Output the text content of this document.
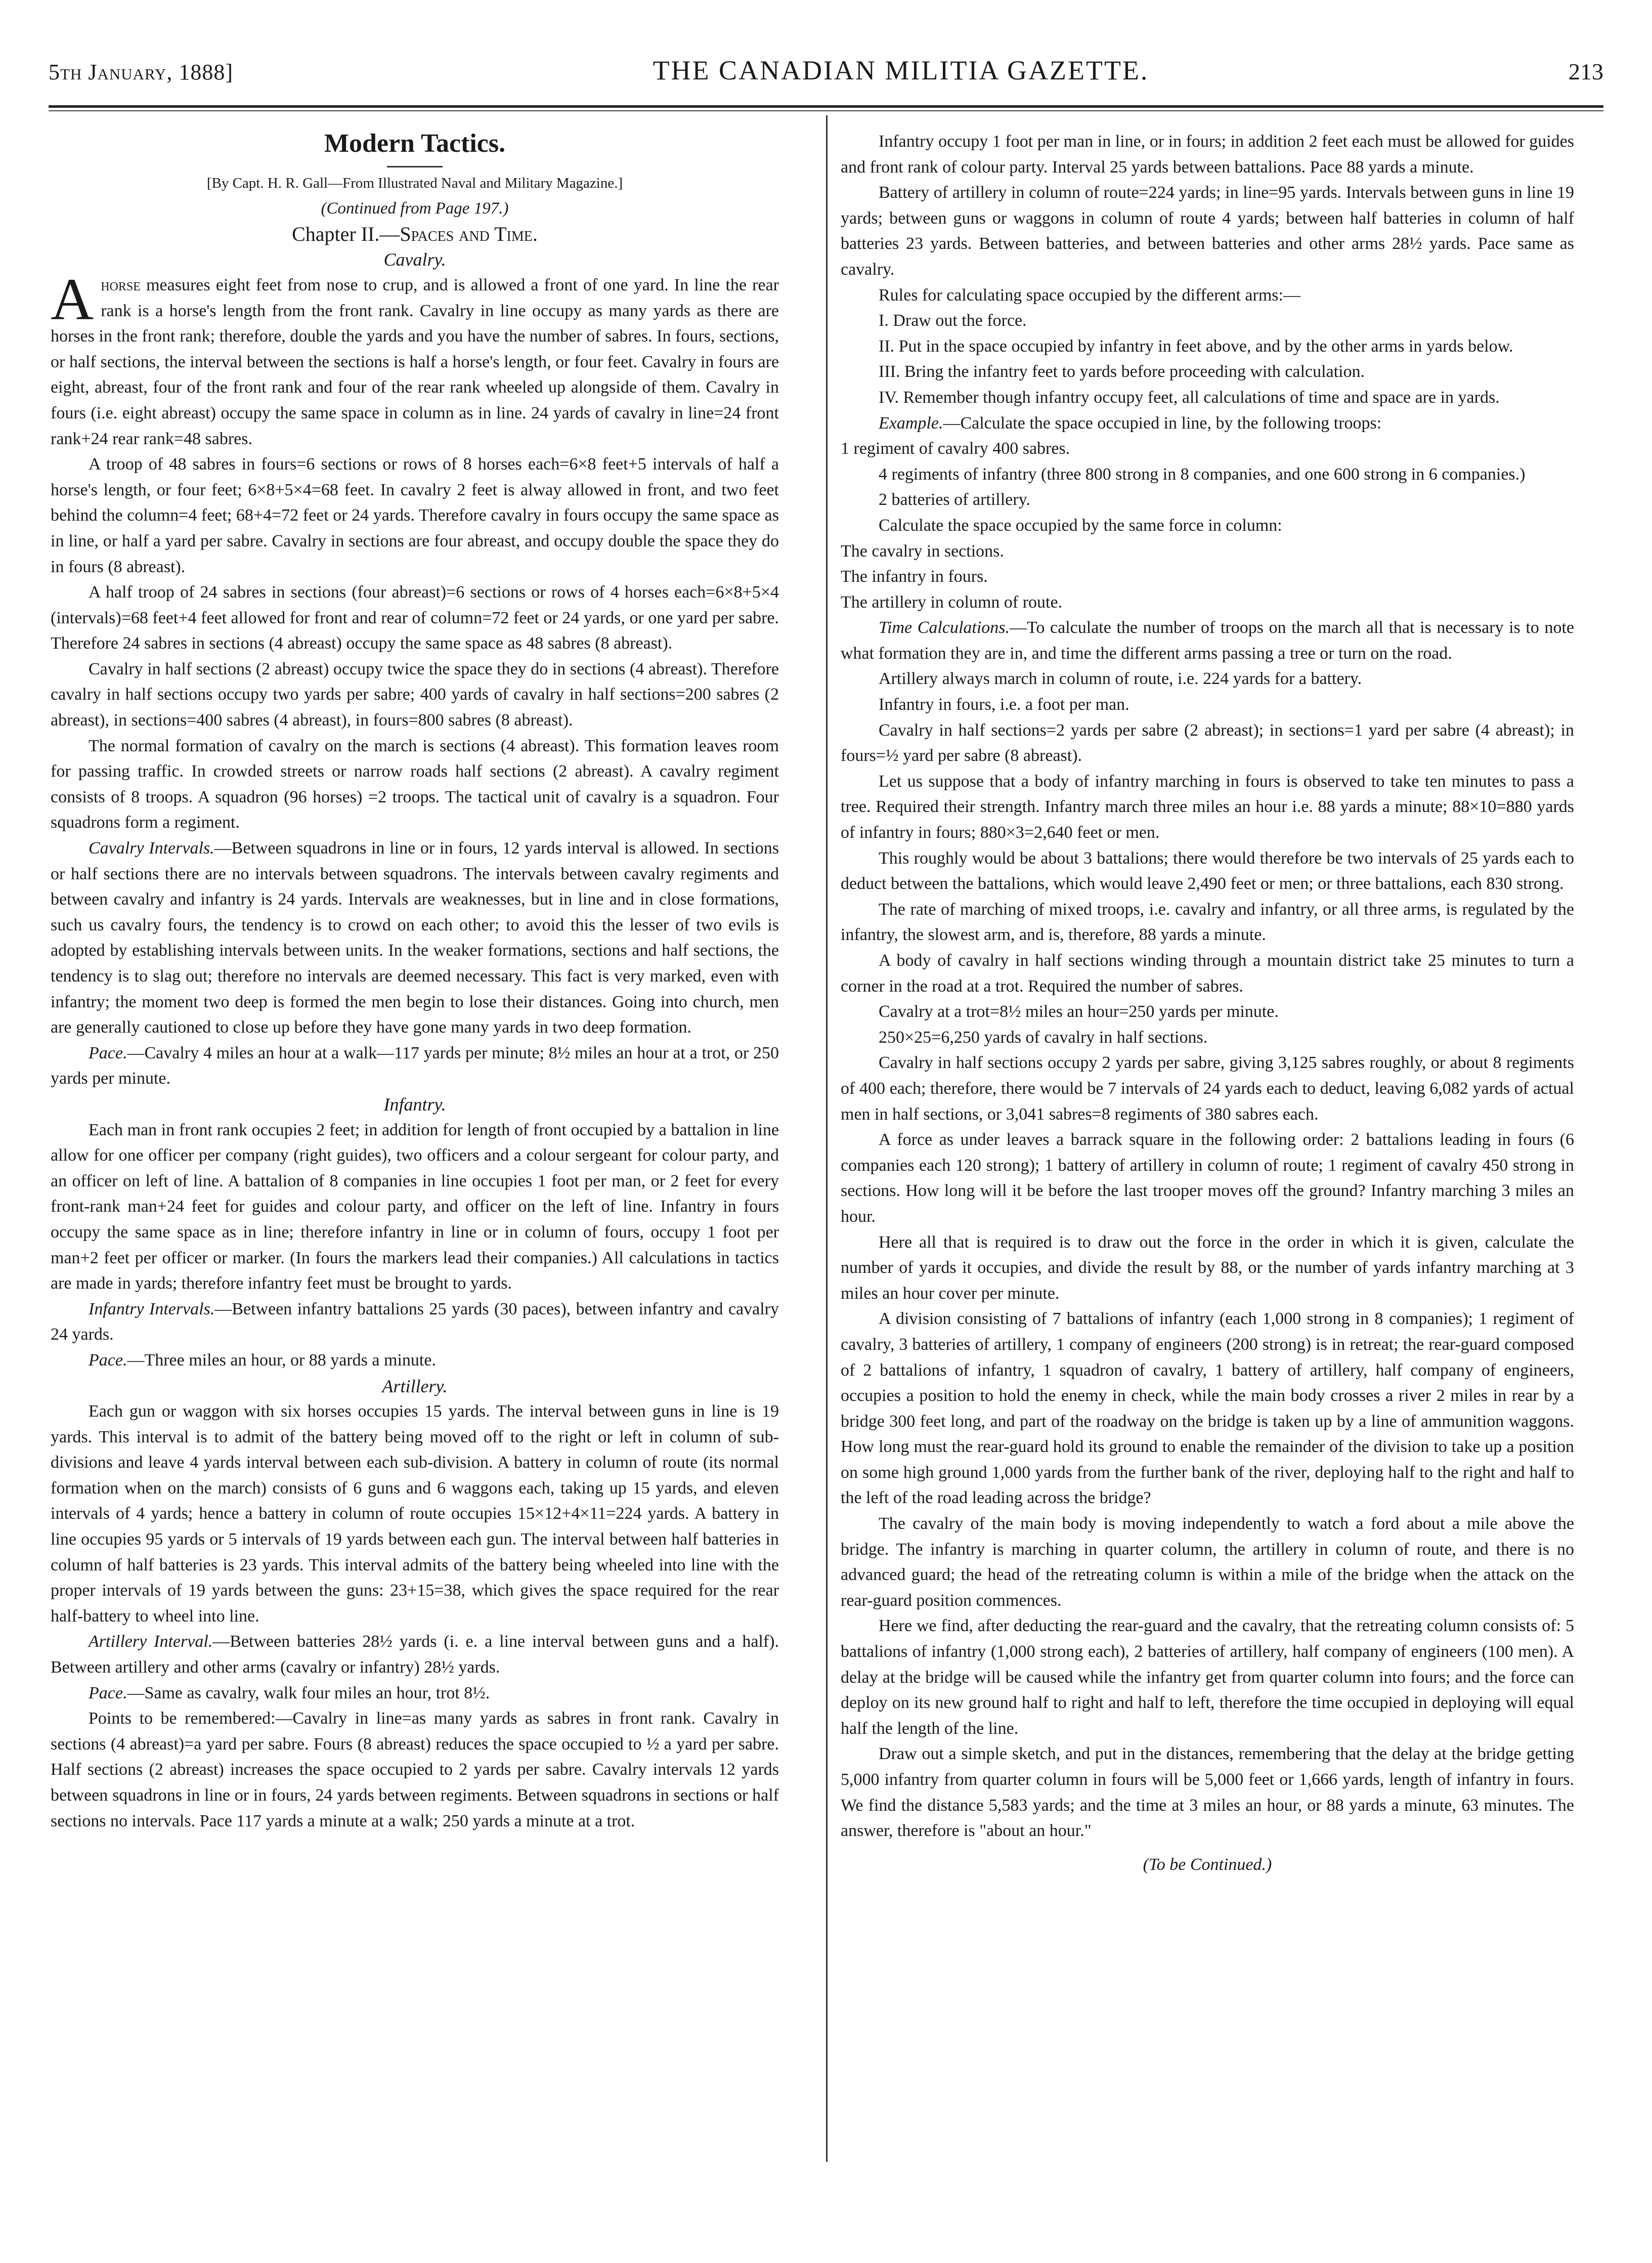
5th January, 1888]	THE CANADIAN MILITIA GAZETTE.	213
Modern Tactics.
[By Capt. H. R. Gall—From Illustrated Naval and Military Magazine.]
(Continued from Page 197.)
Chapter II.—Spaces and Time.
Cavalry.

Ahorse measures eight feet from nose to crup, and is allowed a front of one yard. In line the rear rank is a horse's length from the front rank. Cavalry in line occupy as many yards as there are horses in the front rank; therefore, double the yards and you have the number of sabres. In fours, sections, or half sections, the interval between the sections is half a horse's length, or four feet. Cavalry in fours are eight, abreast, four of the front rank and four of the rear rank wheeled up alongside of them. Cavalry in fours (i.e. eight abreast) occupy the same space in column as in line. 24 yards of cavalry in line=24 front rank+24 rear rank=48 sabres.

A troop of 48 sabres in fours=6 sections or rows of 8 horses each=6×8 feet+5 intervals of half a horse's length, or four feet; 6×8+5×4=68 feet. In cavalry 2 feet is alway allowed in front, and two feet behind the column=4 feet; 68+4=72 feet or 24 yards. Therefore cavalry in fours occupy the same space as in line, or half a yard per sabre. Cavalry in sections are four abreast, and occupy double the space they do in fours (8 abreast).

A half troop of 24 sabres in sections (four abreast)=6 sections or rows of 4 horses each=6×8+5×4 (intervals)=68 feet+4 feet allowed for front and rear of column=72 feet or 24 yards, or one yard per sabre. Therefore 24 sabres in sections (4 abreast) occupy the same space as 48 sabres (8 abreast).

Cavalry in half sections (2 abreast) occupy twice the space they do in sections (4 abreast). Therefore cavalry in half sections occupy two yards per sabre; 400 yards of cavalry in half sections=200 sabres (2 abreast), in sections=400 sabres (4 abreast), in fours=800 sabres (8 abreast).

The normal formation of cavalry on the march is sections (4 abreast). This formation leaves room for passing traffic. In crowded streets or narrow roads half sections (2 abreast). A cavalry regiment consists of 8 troops. A squadron (96 horses) =2 troops. The tactical unit of cavalry is a squadron. Four squadrons form a regiment.

Cavalry Intervals.—Between squadrons in line or in fours, 12 yards interval is allowed. In sections or half sections there are no intervals between squadrons. The intervals between cavalry regiments and between cavalry and infantry is 24 yards. Intervals are weaknesses, but in line and in close formations, such us cavalry fours, the tendency is to crowd on each other; to avoid this the lesser of two evils is adopted by establishing intervals between units. In the weaker formations, sections and half sections, the tendency is to slag out; therefore no intervals are deemed necessary. This fact is very marked, even with infantry; the moment two deep is formed the men begin to lose their distances. Going into church, men are generally cautioned to close up before they have gone many yards in two deep formation.

Pace.—Cavalry 4 miles an hour at a walk—117 yards per minute; 8½ miles an hour at a trot, or 250 yards per minute.

Infantry.

Each man in front rank occupies 2 feet; in addition for length of front occupied by a battalion in line allow for one officer per company (right guides), two officers and a colour sergeant for colour party, and an officer on left of line. A battalion of 8 companies in line occupies 1 foot per man, or 2 feet for every front-rank man+24 feet for guides and colour party, and officer on the left of line. Infantry in fours occupy the same space as in line; therefore infantry in line or in column of fours, occupy 1 foot per man+2 feet per officer or marker. (In fours the markers lead their companies.) All calculations in tactics are made in yards; therefore infantry feet must be brought to yards.

Infantry Intervals.—Between infantry battalions 25 yards (30 paces), between infantry and cavalry 24 yards.

Pace.—Three miles an hour, or 88 yards a minute.

Artillery.

Each gun or waggon with six horses occupies 15 yards. The interval between guns in line is 19 yards. This interval is to admit of the battery being moved off to the right or left in column of sub-divisions and leave 4 yards interval between each sub-division. A battery in column of route (its normal formation when on the march) consists of 6 guns and 6 waggons each, taking up 15 yards, and eleven intervals of 4 yards; hence a battery in column of route occupies 15×12+4×11=224 yards. A battery in line occupies 95 yards or 5 intervals of 19 yards between each gun. The interval between half batteries in column of half batteries is 23 yards. This interval admits of the battery being wheeled into line with the proper intervals of 19 yards between the guns: 23+15=38, which gives the space required for the rear half-battery to wheel into line.

Artillery Interval.—Between batteries 28½ yards (i. e. a line interval between guns and a half). Between artillery and other arms (cavalry or infantry) 28½ yards.

Pace.—Same as cavalry, walk four miles an hour, trot 8½.

Points to be remembered:—Cavalry in line=as many yards as sabres in front rank. Cavalry in sections (4 abreast)=a yard per sabre. Fours (8 abreast) reduces the space occupied to ½ a yard per sabre. Half sections (2 abreast) increases the space occupied to 2 yards per sabre. Cavalry intervals 12 yards between squadrons in line or in fours, 24 yards between regiments. Between squadrons in sections or half sections no intervals. Pace 117 yards a minute at a walk; 250 yards a minute at a trot.

Infantry occupy 1 foot per man in line, or in fours; in addition 2 feet each must be allowed for guides and front rank of colour party. Interval 25 yards between battalions. Pace 88 yards a minute.

Battery of artillery in column of route=224 yards; in line=95 yards. Intervals between guns in line 19 yards; between guns or waggons in column of route 4 yards; between half batteries in column of half batteries 23 yards. Between batteries, and between batteries and other arms 28½ yards. Pace same as cavalry.

Rules for calculating space occupied by the different arms:—

I. Draw out the force.

II. Put in the space occupied by infantry in feet above, and by the other arms in yards below.

III. Bring the infantry feet to yards before proceeding with calculation.

IV. Remember though infantry occupy feet, all calculations of time and space are in yards.

Example.—Calculate the space occupied in line, by the following troops:

1 regiment of cavalry 400 sabres.

4 regiments of infantry (three 800 strong in 8 companies, and one 600 strong in 6 companies.)

2 batteries of artillery.

Calculate the space occupied by the same force in column:

The cavalry in sections.

The infantry in fours.

The artillery in column of route.

Time Calculations.—To calculate the number of troops on the march all that is necessary is to note what formation they are in, and time the different arms passing a tree or turn on the road.

Artillery always march in column of route, i.e. 224 yards for a battery.

Infantry in fours, i.e. a foot per man.

Cavalry in half sections=2 yards per sabre (2 abreast); in sections=1 yard per sabre (4 abreast); in fours=½ yard per sabre (8 abreast).

Let us suppose that a body of infantry marching in fours is observed to take ten minutes to pass a tree. Required their strength. Infantry march three miles an hour i.e. 88 yards a minute; 88×10=880 yards of infantry in fours; 880×3=2,640 feet or men.

This roughly would be about 3 battalions; there would therefore be two intervals of 25 yards each to deduct between the battalions, which would leave 2,490 feet or men; or three battalions, each 830 strong.

The rate of marching of mixed troops, i.e. cavalry and infantry, or all three arms, is regulated by the infantry, the slowest arm, and is, therefore, 88 yards a minute.

A body of cavalry in half sections winding through a mountain district take 25 minutes to turn a corner in the road at a trot. Required the number of sabres.

Cavalry at a trot=8½ miles an hour=250 yards per minute.

250×25=6,250 yards of cavalry in half sections.

Cavalry in half sections occupy 2 yards per sabre, giving 3,125 sabres roughly, or about 8 regiments of 400 each; therefore, there would be 7 intervals of 24 yards each to deduct, leaving 6,082 yards of actual men in half sections, or 3,041 sabres=8 regiments of 380 sabres each.

A force as under leaves a barrack square in the following order: 2 battalions leading in fours (6 companies each 120 strong); 1 battery of artillery in column of route; 1 regiment of cavalry 450 strong in sections. How long will it be before the last trooper moves off the ground? Infantry marching 3 miles an hour.

Here all that is required is to draw out the force in the order in which it is given, calculate the number of yards it occupies, and divide the result by 88, or the number of yards infantry marching at 3 miles an hour cover per minute.

A division consisting of 7 battalions of infantry (each 1,000 strong in 8 companies); 1 regiment of cavalry, 3 batteries of artillery, 1 company of engineers (200 strong) is in retreat; the rear-guard composed of 2 battalions of infantry, 1 squadron of cavalry, 1 battery of artillery, half company of engineers, occupies a position to hold the enemy in check, while the main body crosses a river 2 miles in rear by a bridge 300 feet long, and part of the roadway on the bridge is taken up by a line of ammunition waggons. How long must the rear-guard hold its ground to enable the remainder of the division to take up a position on some high ground 1,000 yards from the further bank of the river, deploying half to the right and half to the left of the road leading across the bridge?

The cavalry of the main body is moving independently to watch a ford about a mile above the bridge. The infantry is marching in quarter column, the artillery in column of route, and there is no advanced guard; the head of the retreating column is within a mile of the bridge when the attack on the rear-guard position commences.

Here we find, after deducting the rear-guard and the cavalry, that the retreating column consists of: 5 battalions of infantry (1,000 strong each), 2 batteries of artillery, half company of engineers (100 men). A delay at the bridge will be caused while the infantry get from quarter column into fours; and the force can deploy on its new ground half to right and half to left, therefore the time occupied in deploying will equal half the length of the line.

Draw out a simple sketch, and put in the distances, remembering that the delay at the bridge getting 5,000 infantry from quarter column in fours will be 5,000 feet or 1,666 yards, length of infantry in fours. We find the distance 5,583 yards; and the time at 3 miles an hour, or 88 yards a minute, 63 minutes. The answer, therefore is "about an hour."

(To be Continued.)
